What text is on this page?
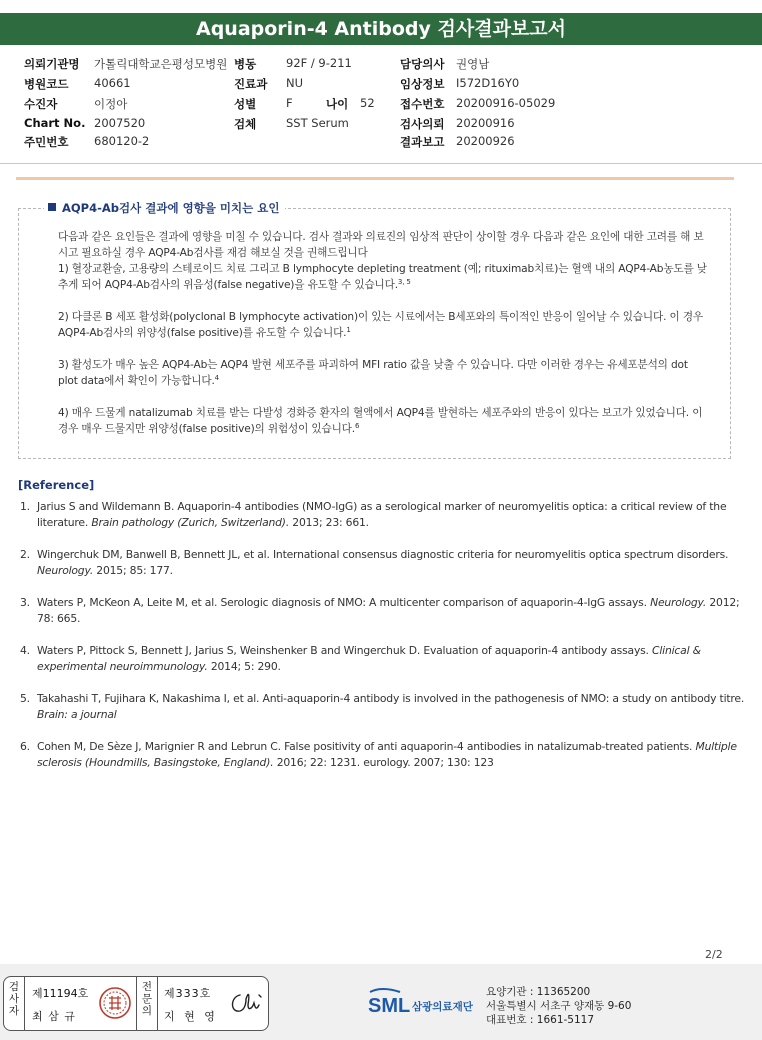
Aquaporin-4 Antibody 검사결과보고서
의뢰기관명 가톨릭대학교은평성모병원 병동	92F / 9-211	담당의사 권영남
병원코드 40661	진료과 NU	임상정보 I572D16Y0
수진자	이정아	성별	F	나이 52 접수번호 20200916-05029
Chart No. 2007520	검체	SST Serum	검사의뢰 20200916
주민번호 680120-2	결과보고 20200926
AQP4-Ab검사 결과에 영향을 미치는 요인

다음과 같은 요인들은 결과에 영향을 미칠 수 있습니다. 검사 결과와 의료진의 임상적 판단이 상이할 경우 다음과 같은 요인에 대한 고려를 해 보시고 필요하실 경우 AQP4-Ab검사를 재검 해보실 것을 권해드립니다

1) 혈장교환술, 고용량의 스테로이드 치료 그리고 B lymphocyte depleting treatment (예; rituximab치료)는 혈액 내의 AQP4-Ab농도를 낮추게 되어 AQP4-Ab검사의 위음성(false negative)을 유도할 수 있습니다.$^{3, 5}$

2) 다클론 B 세포 활성화(polyclonal B lymphocyte activation)이 있는 시료에서는 B세포와의 특이적인 반응이 일어날 수 있습니다. 이 경우 AQP4-Ab검사의 위양성(false positive)를 유도할 수 있습니다.$^1$

3) 활성도가 매우 높은 AQP4-Ab는 AQP4 발현 세포주를 파괴하여 MFI ratio 값을 낮출 수 있습니다. 다만 이러한 경우는 유세포분석의 dot plot data에서 확인이 가능합니다.$^4$

4) 매우 드물게 natalizumab 치료를 받는 다발성 경화증 환자의 혈액에서 AQP4를 발현하는 세포주와의 반응이 있다는 보고가 있었습니다. 이 경우 매우 드물지만 위양성(false positive)의 위험성이 있습니다.$^6$

[Reference]
1. Jarius S and Wildemann B. Aquaporin-4 antibodies (NMO-IgG) as a serological marker of neuromyelitis optica: a critical review of the literature. Brain pathology (Zurich, Switzerland). 2013; 23: 661.
2. Wingerchuk DM, Banwell B, Bennett JL, et al. International consensus diagnostic criteria for neuromyelitis optica spectrum disorders. Neurology. 2015; 85: 177.
3. Waters P, McKeon A, Leite M, et al. Serologic diagnosis of NMO: A multicenter comparison of aquaporin-4-IgG assays. Neurology. 2012; 78: 665.
4. Waters P, Pittock S, Bennett J, Jarius S, Weinshenker B and Wingerchuk D. Evaluation of aquaporin-4 antibody assays. Clinical & experimental neuroimmunology. 2014; 5: 290.
5. Takahashi T, Fujihara K, Nakashima I, et al. Anti-aquaporin-4 antibody is involved in the pathogenesis of NMO: a study on antibody titre. Brain: a journal
6. Cohen M, De Sèze J, Marignier R and Lebrun C. False positivity of anti aquaporin-4 antibodies in natalizumab-treated patients. Multiple sclerosis (Houndmills, Basingstoke, England). 2016; 22: 1231. eurology. 2007; 130: 123
2/2
검사자
제11194호
최 삼 규
전문의
제333호
지 현 영	SML 삼광의료재단
요양기관 : 11365200
서울특별시 서초구 양재동 9-60
대표번호 : 1661-5117
